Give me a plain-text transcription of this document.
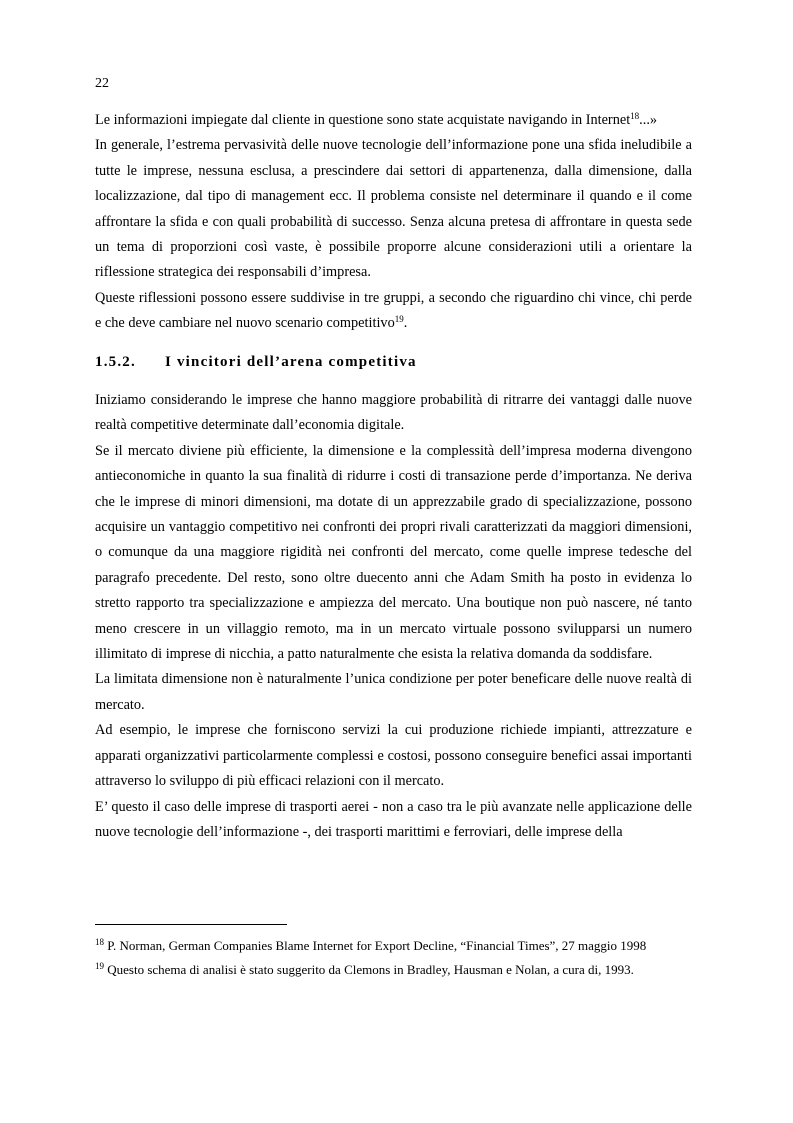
22

Le informazioni impiegate dal cliente in questione sono state acquistate navigando in Internet$^{18}$...»

In generale, l’estrema pervasività delle nuove tecnologie dell’informazione pone una sfida ineludibile a tutte le imprese, nessuna esclusa, a prescindere dai settori di appartenenza, dalla dimensione, dalla localizzazione, dal tipo di management ecc. Il problema consiste nel determinare il quando e il come affrontare la sfida e con quali probabilità di successo. Senza alcuna pretesa di affrontare in questa sede un tema di proporzioni così vaste, è possibile proporre alcune considerazioni utili a orientare la riflessione strategica dei responsabili d’impresa.

Queste riflessioni possono essere suddivise in tre gruppi, a secondo che riguardino chi vince, chi perde e che deve cambiare nel nuovo scenario competitivo$^{19}$.

1.5.2. I vincitori dell’arena competitiva

Iniziamo considerando le imprese che hanno maggiore probabilità di ritrarre dei vantaggi dalle nuove realtà competitive determinate dall’economia digitale.

Se il mercato diviene più efficiente, la dimensione e la complessità dell’impresa moderna divengono antieconomiche in quanto la sua finalità di ridurre i costi di transazione perde d’importanza. Ne deriva che le imprese di minori dimensioni, ma dotate di un apprezzabile grado di specializzazione, possono acquisire un vantaggio competitivo nei confronti dei propri rivali caratterizzati da maggiori dimensioni, o comunque da una maggiore rigidità nei confronti del mercato, come quelle imprese tedesche del paragrafo precedente. Del resto, sono oltre duecento anni che Adam Smith ha posto in evidenza lo stretto rapporto tra specializzazione e ampiezza del mercato. Una boutique non può nascere, né tanto meno crescere in un villaggio remoto, ma in un mercato virtuale possono svilupparsi un numero illimitato di imprese di nicchia, a patto naturalmente che esista la relativa domanda da soddisfare.

La limitata dimensione non è naturalmente l’unica condizione per poter beneficare delle nuove realtà di mercato.

Ad esempio, le imprese che forniscono servizi la cui produzione richiede impianti, attrezzature e apparati organizzativi particolarmente complessi e costosi, possono conseguire benefici assai importanti attraverso lo sviluppo di più efficaci relazioni con il mercato.

E’ questo il caso delle imprese di trasporti aerei - non a caso tra le più avanzate nelle applicazione delle nuove tecnologie dell’informazione -, dei trasporti marittimi e ferroviari, delle imprese della

$^{18}$ P. Norman, German Companies Blame Internet for Export Decline, “Financial Times”, 27 maggio 1998

$^{19}$ Questo schema di analisi è stato suggerito da Clemons in Bradley, Hausman e Nolan, a cura di, 1993.
